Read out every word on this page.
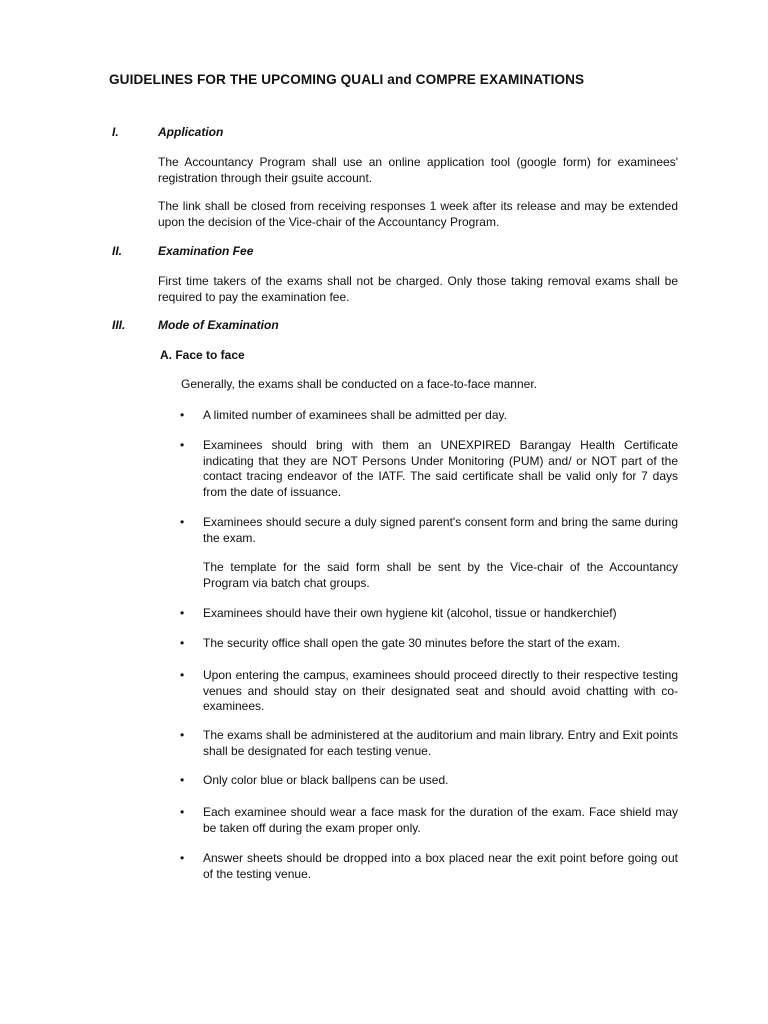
GUIDELINES FOR THE UPCOMING QUALI and COMPRE EXAMINATIONS
I.	Application
The Accountancy Program shall use an online application tool (google form) for examinees' registration through their gsuite account.
The link shall be closed from receiving responses 1 week after its release and may be extended upon the decision of the Vice-chair of the Accountancy Program.
II.	Examination Fee
First time takers of the exams shall not be charged. Only those taking removal exams shall be required to pay the examination fee.
III.	Mode of Examination
A. Face to face
Generally, the exams shall be conducted on a face-to-face manner.
• A limited number of examinees shall be admitted per day.
• Examinees should bring with them an UNEXPIRED Barangay Health Certificate indicating that they are NOT Persons Under Monitoring (PUM) and/ or NOT part of the contact tracing endeavor of the IATF. The said certificate shall be valid only for 7 days from the date of issuance.
• Examinees should secure a duly signed parent's consent form and bring the same during the exam.
The template for the said form shall be sent by the Vice-chair of the Accountancy Program via batch chat groups.
• Examinees should have their own hygiene kit (alcohol, tissue or handkerchief)
• The security office shall open the gate 30 minutes before the start of the exam.
• Upon entering the campus, examinees should proceed directly to their respective testing venues and should stay on their designated seat and should avoid chatting with co-examinees.
• The exams shall be administered at the auditorium and main library. Entry and Exit points shall be designated for each testing venue.
• Only color blue or black ballpens can be used.
• Each examinee should wear a face mask for the duration of the exam. Face shield may be taken off during the exam proper only.
• Answer sheets should be dropped into a box placed near the exit point before going out of the testing venue.
